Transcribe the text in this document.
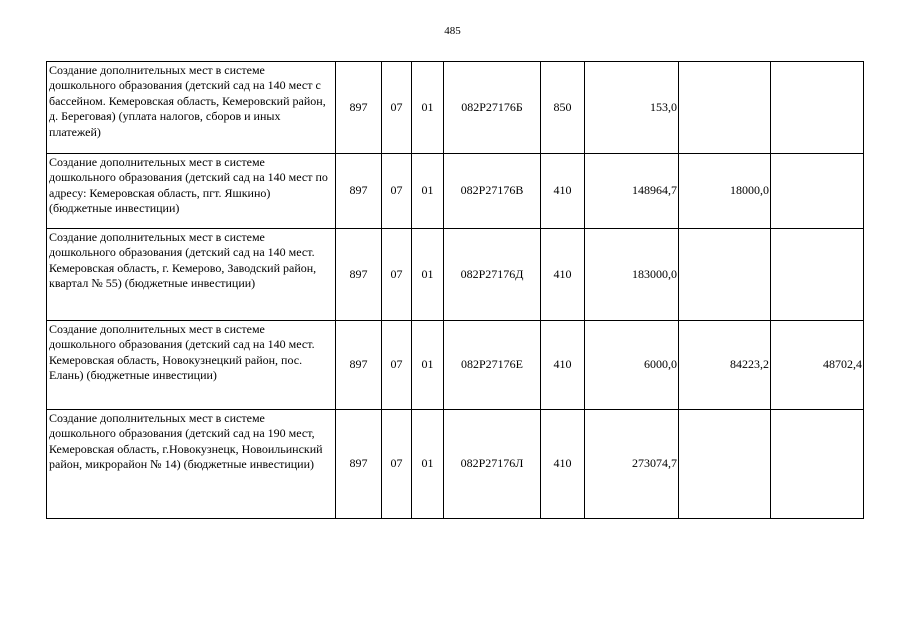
485
Создание дополнительных мест в системе дошкольного образования (детский сад на 140 мест с бассейном. Кемеровская область, Кемеровский район, д. Береговая) (уплата налогов, сборов и иных платежей)	897	07	01	082Р27176Б	850	153,0		
Создание дополнительных мест в системе дошкольного образования (детский сад на 140 мест по адресу: Кемеровская область, пгт. Яшкино) (бюджетные инвестиции)	897	07	01	082Р27176В	410	148964,7	18000,0	
Создание дополнительных мест в системе дошкольного образования (детский сад на 140 мест. Кемеровская область, г. Кемерово, Заводский район, квартал № 55) (бюджетные инвестиции)	897	07	01	082Р27176Д	410	183000,0		
Создание дополнительных мест в системе дошкольного образования (детский сад на 140 мест. Кемеровская область, Новокузнецкий район, пос. Елань) (бюджетные инвестиции)	897	07	01	082Р27176Е	410	6000,0	84223,2	48702,4
Создание дополнительных мест в системе дошкольного образования (детский сад на 190 мест, Кемеровская область, г.Новокузнецк, Новоильинский район, микрорайон № 14) (бюджетные инвестиции)	897	07	01	082Р27176Л	410	273074,7		
